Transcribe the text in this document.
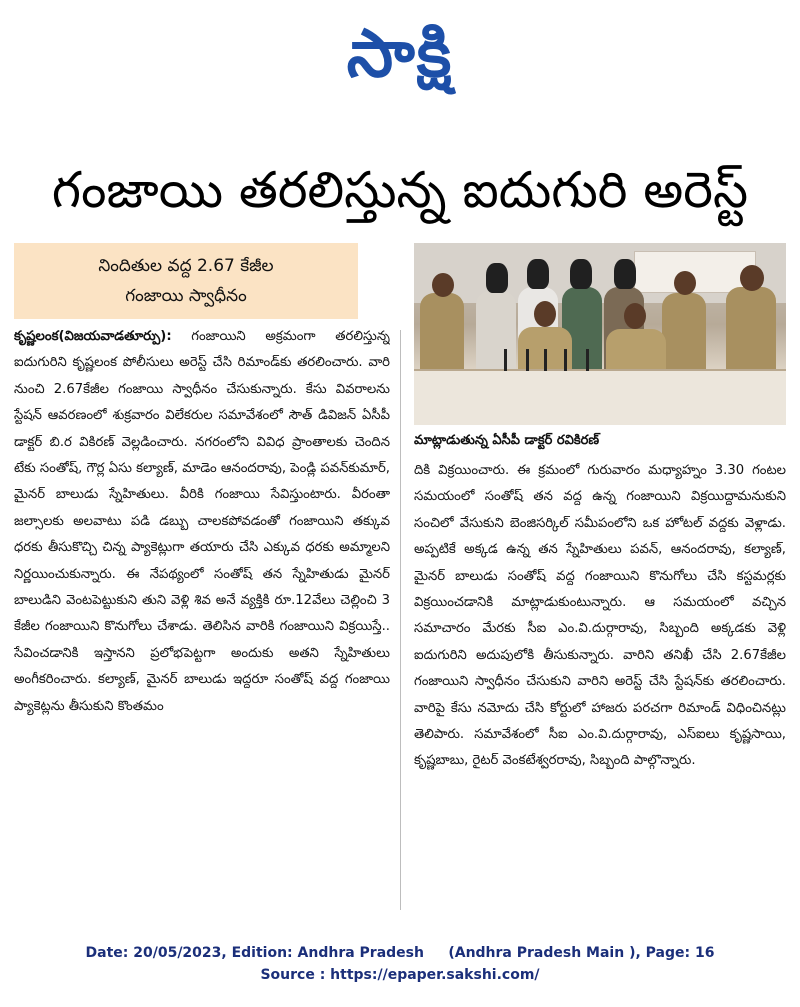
సాక్షి
గంజాయి తరలిస్తున్న ఐదుగురి అరెస్ట్
నిందితుల వద్ద 2.67 కేజీల
గంజాయి స్వాధీనం
మాట్లాడుతున్న ఏసీపీ డాక్టర్ రవికిరణ్
కృష్ణలంక(విజయవాడతూర్పు): గంజాయిని అక్రమంగా తరలిస్తున్న ఐదుగురిని కృష్ణలంక పోలీసులు అరెస్ట్ చేసి రిమాండ్‌కు తరలించారు. వారి నుంచి 2.67కేజీల గంజాయి స్వాధీనం చేసుకున్నారు. కేసు వివరాలను స్టేషన్ ఆవరణంలో శుక్రవారం విలేకరుల సమావేశంలో సౌత్ డివిజన్ ఏసీపీ డాక్టర్ బి.ర వికిరణ్ వెల్లడించారు. నగరంలోని వివిధ ప్రాంతాలకు చెందిన టేకు సంతోష్, గౌర్ల ఏసు కల్యాణ్, మాడెం ఆనందరావు, పెండ్లి పవన్‌కుమార్, మైనర్ బాలుడు స్నేహితులు. వీరికి గంజాయి సేవిస్తుంటారు. వీరంతా జల్సాలకు అలవాటు పడి డబ్బు చాలకపోవడంతో గంజాయిని తక్కువ ధరకు తీసుకొచ్చి చిన్న ప్యాకెట్లుగా తయారు చేసి ఎక్కువ ధరకు అమ్మాలని నిర్ణయించుకున్నారు. ఈ నేపథ్యంలో సంతోష్ తన స్నేహితుడు మైనర్ బాలుడిని వెంటపెట్టుకుని తుని వెళ్లి శివ అనే వ్యక్తికి రూ.12వేలు చెల్లించి 3 కేజీల గంజాయిని కొనుగోలు చేశాడు. తెలిసిన వారికి గంజాయిని విక్రయిస్తే.. సేవించడానికి ఇస్తానని ప్రలోభపెట్టగా అందుకు అతని స్నేహితులు అంగీకరించారు. కల్యాణ్, మైనర్ బాలుడు ఇద్దరూ సంతోష్ వద్ద గంజాయి ప్యాకెట్లను తీసుకుని కొంతమం
దికి విక్రయించారు. ఈ క్రమంలో గురువారం మధ్యాహ్నం 3.30 గంటల సమయంలో సంతోష్ తన వద్ద ఉన్న గంజాయిని విక్రయిద్దామనుకుని సంచిలో వేసుకుని బెంజిసర్కిల్ సమీపంలోని ఒక హోటల్ వద్దకు వెళ్లాడు. అప్పటికే అక్కడ ఉన్న తన స్నేహితులు పవన్, ఆనందరావు, కల్యాణ్, మైనర్ బాలుడు సంతోష్ వద్ద గంజాయిని కొనుగోలు చేసి కస్టమర్లకు విక్రయించడానికి మాట్లాడుకుంటున్నారు. ఆ సమయంలో వచ్చిన సమాచారం మేరకు సీఐ ఎం.వి.దుర్గారావు, సిబ్బంది అక్కడకు వెళ్లి ఐదుగురిని అదుపులోకి తీసుకున్నారు. వారిని తనిఖీ చేసి 2.67కేజీల గంజాయిని స్వాధీనం చేసుకుని వారిని అరెస్ట్ చేసి స్టేషన్‌కు తరలించారు. వారిపై కేసు నమోదు చేసి కోర్టులో హాజరు పరచగా రిమాండ్ విధించినట్లు తెలిపారు. సమావేశంలో సీఐ ఎం.వి.దుర్గారావు, ఎస్ఐలు కృష్ణసాయి, కృష్ణబాబు, రైటర్ వెంకటేశ్వరరావు, సిబ్బంది పాల్గొన్నారు.
Date: 20/05/2023, Edition: Andhra Pradesh     (Andhra Pradesh Main ), Page: 16
Source : https://epaper.sakshi.com/
